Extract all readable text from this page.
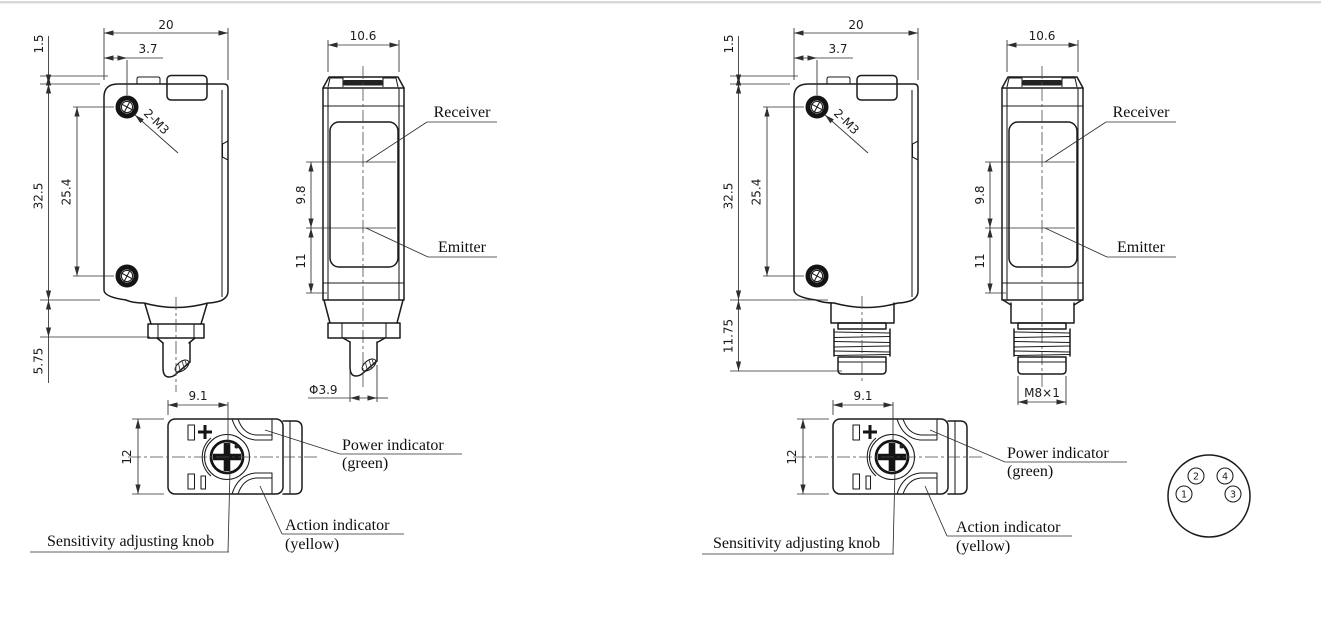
20
3.7
1.5
32.5 25.4
2-M3
5.75
9.8
11
10.6
Receiver
Emitter
Φ3.9
9.1
12
Power indicator
(green)
Action indicator
(yellow)
Sensitivity adjusting knob
20
3.7
1.5
32.5 25.4
2-M3
11.75
9.8
11
10.6
Receiver
Emitter
M8×1
9.1
12	Power indicator
(green)
Action indicator
(yellow)
Sensitivity adjusting knob
1
2
3
4
